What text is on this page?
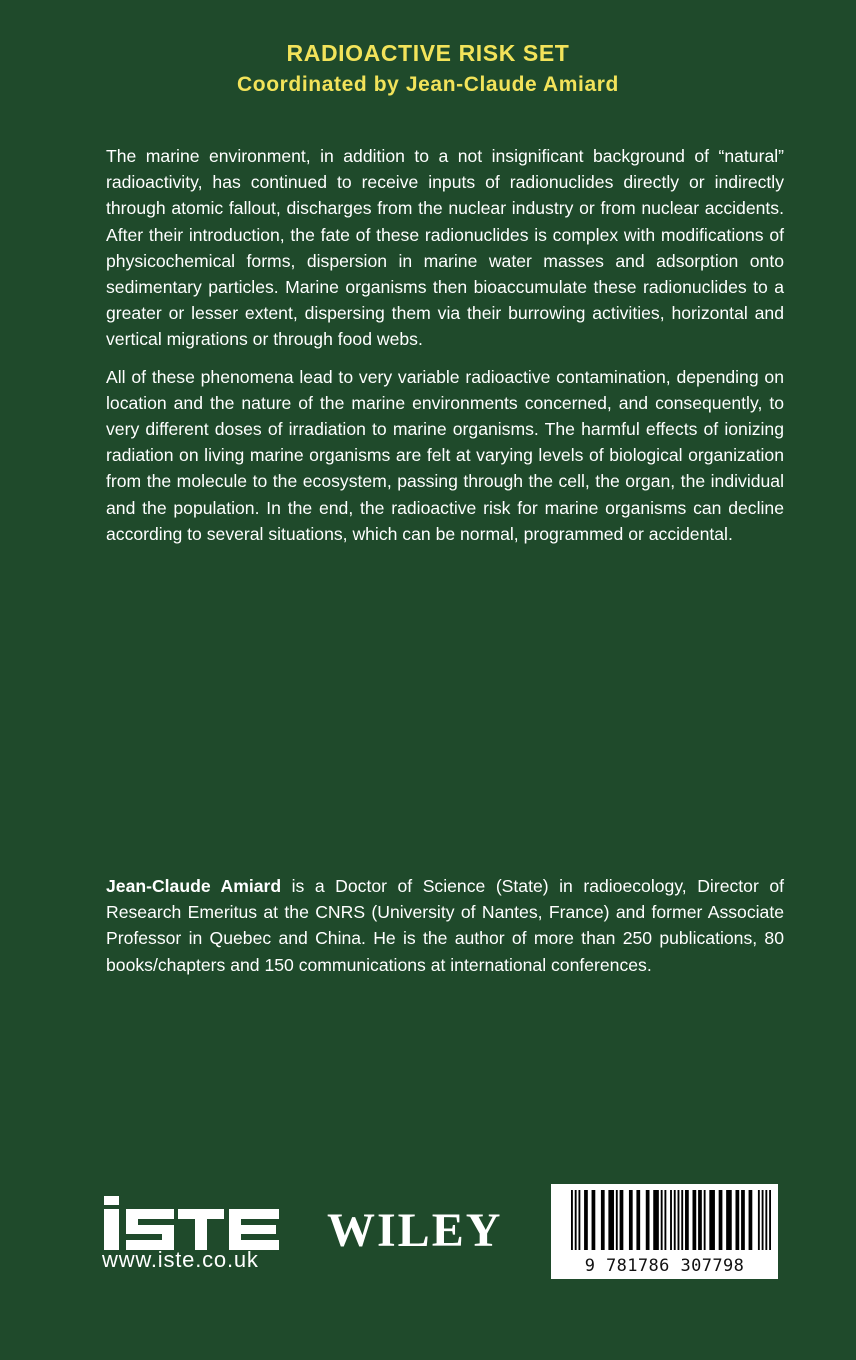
RADIOACTIVE RISK SET
Coordinated by Jean-Claude Amiard

The marine environment, in addition to a not insignificant background of “natural” radioactivity, has continued to receive inputs of radionuclides directly or indirectly through atomic fallout, discharges from the nuclear industry or from nuclear accidents. After their introduction, the fate of these radionuclides is complex with modifications of physicochemical forms, dispersion in marine water masses and adsorption onto sedimentary particles. Marine organisms then bioaccumulate these radionuclides to a greater or lesser extent, dispersing them via their burrowing activities, horizontal and vertical migrations or through food webs.

All of these phenomena lead to very variable radioactive contamination, depending on location and the nature of the marine environments concerned, and consequently, to very different doses of irradiation to marine organisms. The harmful effects of ionizing radiation on living marine organisms are felt at varying levels of biological organization from the molecule to the ecosystem, passing through the cell, the organ, the individual and the population. In the end, the radioactive risk for marine organisms can decline according to several situations, which can be normal, programmed or accidental.

Jean-Claude Amiard is a Doctor of Science (State) in radioecology, Director of Research Emeritus at the CNRS (University of Nantes, France) and former Associate Professor in Quebec and China. He is the author of more than 250 publications, 80 books/chapters and 150 communications at international conferences.

www.iste.co.uk
WILEY
9 781786 307798
